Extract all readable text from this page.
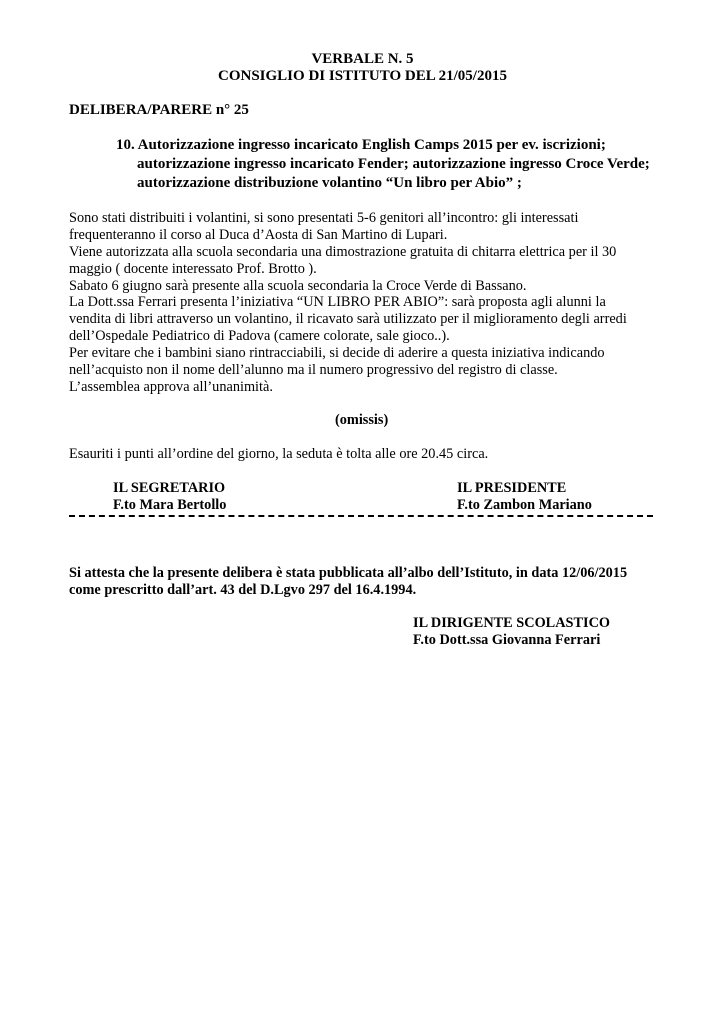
VERBALE N. 5

CONSIGLIO DI ISTITUTO DEL 21/05/2015

DELIBERA/PARERE n° 25

10. Autorizzazione ingresso incaricato English Camps 2015 per ev. iscrizioni;

autorizzazione ingresso incaricato Fender; autorizzazione ingresso Croce Verde;

autorizzazione distribuzione volantino “Un libro per Abio” ;

Sono stati distribuiti i volantini, si sono presentati 5-6 genitori all’incontro: gli interessati

frequenteranno il corso al Duca d’Aosta di San Martino di Lupari.

Viene autorizzata alla scuola secondaria una dimostrazione gratuita di chitarra elettrica per il 30

maggio ( docente interessato Prof. Brotto ).

Sabato 6 giugno sarà presente alla scuola secondaria la Croce Verde di Bassano.

La Dott.ssa Ferrari presenta l’iniziativa “UN LIBRO PER ABIO”: sarà proposta agli alunni la

vendita di libri attraverso un volantino, il ricavato sarà utilizzato per il miglioramento degli arredi

dell’Ospedale Pediatrico di Padova (camere colorate, sale gioco..).

Per evitare che i bambini siano rintracciabili, si decide di aderire a questa iniziativa indicando

nell’acquisto non il nome dell’alunno ma il numero progressivo del registro di classe.

L’assemblea approva all’unanimità.

(omissis)

Esauriti i punti all’ordine del giorno, la seduta è tolta alle ore 20.45 circa.

IL SEGRETARIO

F.to Mara Bertollo

IL PRESIDENTE

F.to Zambon Mariano

Si attesta che la presente delibera è stata pubblicata all’albo dell’Istituto, in data 12/06/2015

come prescritto dall’art. 43 del D.Lgvo 297 del 16.4.1994.

IL DIRIGENTE SCOLASTICO

F.to Dott.ssa Giovanna Ferrari
